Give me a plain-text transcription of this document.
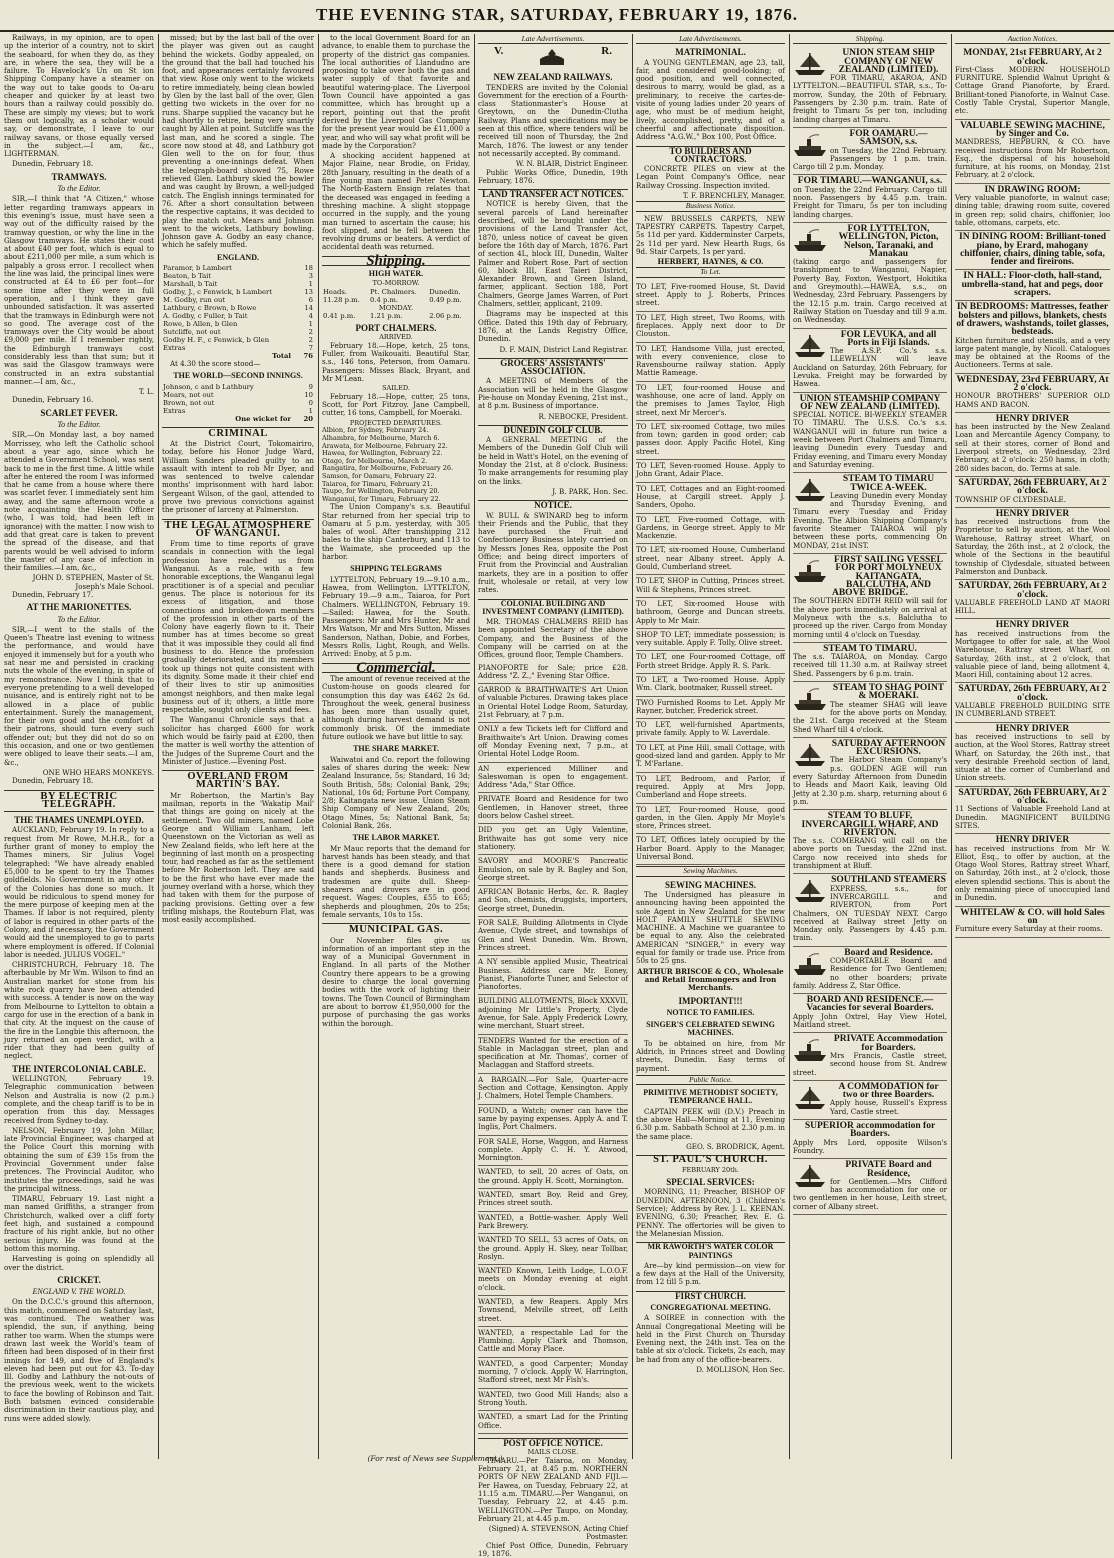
THE EVENING STAR, SATURDAY, FEBRUARY 19, 1876.

Railways, in my opinion, are to open up the interior of a country, not to skirt the seaboard, for when they do, as they are, in where the sea, they will be a failure. To Havelock's Un on St ion Shipping Company have a steamer on the way out to take goods to Oa-aru cheaper and quicker by at least two hours than a railway could possibly do. These are simply my views; but to work them out logically, as a scholar would say, or demonstrate, I leave to our railway savans, or those equally versed in the subject.—I am, &c., LIGHTERMAN.

Dunedin, February 18.

TRAMWAYS.
To the Editor.

SIR,—I think that "A Citizen," whose letter regarding tramways appears in this evening's issue, must have seen a way out of the difficulty raised by the tramway question, or why the line in the Glasgow tramways. He states their cost at about £40 per foot, which is equal to about £211,000 per mile, a sum which is palpably a gross error. I recollect when the line was laid, the principal lines were constructed at £4 to £6 per foot—for some time after they were in full operation, and I think they gave unbounded satisfaction. It was asserted that the tramways in Edinburgh were not so good. The average cost of the tramways over the City would be about £9,000 per mile. If I remember rightly, the Edinburgh tramways cost considerably less than that sum; but it was said the Glasgow tramways were constructed in an extra substantial manner.—I am, &c.,

T. L.

Dunedin, February 16.

SCARLET FEVER.
To the Editor.

SIR,—On Monday last, a boy named Morrissey, who left the Catholic school about a year ago, since which he attended a Government School, was sent back to me in the first time. A little while after he entered the room I was informed that he came from a house where there was scarlet fever. I immediately sent him away, and the same afternoon wrote a note acquainting the Health Officer (who, I was told, had been left in ignorance) with the matter. I now wish to add that great care is taken to prevent the spread of the disease, and that parents would be well advised to inform the master of any case of infection in their families.—I am, &c.,

JOHN D. STEPHEN, Master of St. Joseph's Male School.

Dunedin, February 17.

AT THE MARIONETTES.
To the Editor.

SIR,—I went to the stalls of the Queen's Theatre last evening to witness the performance, and would have enjoyed it immensely but for a youth who sat near me and persisted in cracking nuts the whole of the evening, in spite of my remonstrance. Now I think that to everyone pretending to a well developed nuisance, and is entirely right not to be allowed in a place of public entertainment. Surely the management, for their own good and the comfort of their patrons, should turn every such offender out; but they did not do so on this occasion, and one or two gentlemen were obliged to leave their seats.—I am, &c.,

ONE WHO HEARS MONKEYS.

Dunedin, February 18.

BY ELECTRIC TELEGRAPH.
THE THAMES UNEMPLOYED.

AUCKLAND, February 19. In reply to a request from Mr Rowe, M.H.R., for a further grant of money to employ the Thames miners, Sir Julius Vogel telegraphed: "We have already enabled £5,000 to be spent to try the Thames goldfields. No Government in any other of the Colonies has done so much. It would be ridiculous to spend money for the mere purpose of keeping men at the Thames. If labor is not required, plenty of labor is required in other parts of the Colony, and if necessary, the Government would aid the unemployed to go to parts where employment is offered. If Colonial labor is needed. JULIUS VOGEL."

CHRISTCHURCH, February 18. The afterbauble by Mr Wm. Wilson to find an Australian market for stone from his white rock quarry have been attended with success. A tender is now on the way from Melbourne to Lyttelton to obtain a cargo for use in the erection of a bank in that city. At the inquest on the cause of the fire in the Longbie this afternoon, the jury returned an open verdict, with a rider that they had been guilty of neglect.

THE INTERCOLONIAL CABLE.

WELLINGTON, February 19. Telegraphic communication between Nelson and Australia is now (2 p.m.) complete, and the cheap tariff is to be in operation from this day. Messages received from Sydney to-day.

NELSON, February 19. John Millar, late Provincial Engineer, was charged at the Police Court this morning with obtaining the sum of £39 15s from the Provincial Government under false pretences. The Provincial Auditor, who institutes the proceedings, said he was the principal witness.

TIMARU, February 19. Last night a man named Griffiths, a stranger from Christchurch, walked over a cliff forty feet high, and sustained a compound fracture of his right ankle, but no other serious injury. He was found at the bottom this morning.

Harvesting is going on splendidly all over the district.

CRICKET.
ENGLAND V. THE WORLD.

On the D.C.C.'s ground this afternoon, this match, commenced on Saturday last, was continued. The weather was splendid, the sun, if anything, being rather too warm. When the stumps were drawn last week the World's team of fifteen had been disposed of in their first innings for 149, and five of England's eleven had been put out for 43. To-day Ill. Godby and Lathbury the not-outs of the previous week, went to the wickets to face the bowling of Robinson and Tait. Both batsmen evinced considerable discrimination in their cautious play, and runs were added slowly.

missed; but by the last ball of the over the player was given out as caught behind the wickets. Godby appealed, on the ground that the ball had touched his foot, and appearances certainly favoured that view. Rose only went to the wickets to retire immediately, being clean bowled by Glen by the last ball of the over, Glen getting two wickets in the over for no runs. Sharpe supplied the vacancy but he had shortly to retire, being very smartly caught by Allen at point. Sutcliffe was the last man, and he scored a single. The score now stood at 48, and Lathbury got Glen well to the on for four, thus preventing a one-innings defeat. When the telegraph-board showed 75, Rowe relieved Glen. Lathbury skied the bowler and was caught by Brown, a well-judged catch. The English innings terminated for 76. After a short consultation between the respective captains, it was decided to play the match out. Mears and Johnson went to the wickets, Lathbury bowling. Johnson gave A. Godby an easy chance, which he safely muffed.

ENGLAND.
Paramor, b Lambert	18
Beaton, b Tait	3
Marshall, b Tait	1
Godby, J., c Fenwick, b Lambert	13
M. Godby, run out	6
Lathbury, c Brown, b Rowe	14
A. Godby, c Fuller, b Tait	4
Rowe, b Allen, b Glen	1
Sutcliffe, not out	2
Godby H. F., c Fenwick, b Glen	2
Extras	7
Total	76

At 4.30 the score stood—

THE WORLD—SECOND INNINGS.
Johnson, c and b Lathbury	9
Mears, not out	10
Brown, not out	0
Extras	1
One wicket for	20
CRIMINAL

At the District Court, Tokomairiro, today, before his Honor Judge Ward, William Sanders pleaded guilty to an assault with intent to rob Mr Dyer, and was sentenced to twelve calendar months' imprisonment with hard labor. Sergeant Wilson, of the gaol, attended to prove two previous convictions against the prisoner of larceny at Palmerston.

THE LEGAL ATMOSPHERE OF WANGANUI.

From time to time reports of grave scandals in connection with the legal profession have reached us from Wanganui. As a rule, with a few honorable exceptions, the Wanganui legal practitioner is of a special and peculiar genus. The place is notorious for its excess of litigation, and those connections and broken-down members of the profession in other parts of the Colony have eagerly flown to it. Their number has at times become so great that it was impossible they could all find business to do. Hence the profession gradually deteriorated, and its members took up things not quite consistent with its dignity. Some made it their chief end of their lives to stir up animosities amongst neighbors, and then make legal business out of it; others, a little more respectable, sought only clients and fees.

The Wanganui Chronicle says that a solicitor has charged £600 for work which would be fairly paid at £200, then the matter is well worthy the attention of the Judges of the Supreme Court and the Minister of Justice.—Evening Post.

OVERLAND FROM MARTIN'S BAY.

Mr Robertson, the Martin's Bay mailman, reports in the 'Wakatip Mail' that things are going on nicely at the settlement. Two old miners, named Lobe George and William Lanham, left Queenstown on the Victorian as well as New Zealand fields, who left here at the beginning of last month on a prospecting tour, had reached as far as the settlement before Mr Robertson left. They are said to be the first who have ever made the journey overland with a horse, which they had taken with them for the purpose of packing provisions. Getting over a few trifling mishaps, the Routeburn Flat, was most easily accomplished.

to the local Government Board for an advance, to enable them to purchase the property of the district gas companies. The local authorities of Llandudno are proposing to take over both the gas and water supply of that favorite and beautiful watering-place. The Liverpool Town Council have appointed a gas committee, which has brought up a report, pointing out that the profit derived by the Liverpool Gas Company for the present year would be £11,000 a year, and who will say what profit will be made by the Corporation?

A shocking accident happened at Major Flaine, near Brodie, on Friday, 28th January, resulting in the death of a fine young man named Peter Newton. The North-Eastern Ensign relates that the deceased was engaged in feeding a threshing machine. A slight stoppage occurred in the supply, and the young man turned to ascertain the cause; his foot slipped, and he fell between the revolving drums or beaters. A verdict of accidental death was returned.

Shipping.
HIGH WATER.
TO-MORROW.
Heads.	Pt. Chalmers.	Dunedin.
11.28 p.m.	0.4 p.m.	0.49 p.m.
MONDAY.		
0.41 p.m.	1.21 p.m.	2.06 p.m.
PORT CHALMERS.
ARRIVED.

February 18.—Hope, ketch, 25 tons, Fuller, from Waikouaiti. Beautiful Star, s.s., 146 tons, Peterson, from Oamaru. Passengers: Misses Black, Bryant, and Mr M'Lean.

SAILED.

February 18.—Hope, cutter, 25 tons, Scott, for Port Fitzroy. Jane Campbell, cutter, 16 tons, Campbell, for Moeraki.

PROJECTED DEPARTURES.
Albion, for Sydney, February 24.
Alhambra, for Melbourne, March 6.
Arawata, for Melbourne, February 22.
Hawea, for Wellington, February 22.
Otago, for Melbourne, March 2.
Rangatira, for Melbourne, February 26.
Samson, for Oamaru, February 22.
Taiaroa, for Timaru, February 21.
Taupo, for Wellington, February 20.
Wanganui, for Timaru, February 22.

The Union Company's s.s. Beautiful Star returned from her special trip to Oamaru at 5 p.m. yesterday, with 305 bales of wool. After transhipping 212 bales to the ship Canterbury, and 113 to the Waimate, she proceeded up the harbor.

SHIPPING TELEGRAMS

LYTTELTON, February 19.—9.10 a.m., Hawea, from Wellington. LYTTELTON, February 19.—9 a.m., Taiaroa, for Port Chalmers. WELLINGTON, February 19.—Sailed: Hawea, for the South. Passengers: Mr and Mrs Hunter, Mr and Mrs Watson, Mr and Mrs Sutton, Misses Sanderson, Nathan, Dobie, and Forbes, Messrs Rolls, Light, Rough, and Wells. Arrived: Enoby, at 5 p.m.

Commercial.

The amount of revenue received at the Custom-house on goods cleared for consumption this day was £462 2s 6d. Throughout the week, general business has been more than usually quiet, although during harvest demand is not commonly brisk. Of the immediate future outlook we have but little to say.

THE SHARE MARKET.

Waiwatoi and Co. report the following sales of shares during the week: New Zealand Insurance, 5s; Standard, 16 3d; South British, 58s; Colonial Bank, 29s; National, 10s 6d; Fortune Port Company, 2/8; Kaitangata new issue. Union Steam Ship Company of New Zealand, 20s; Otago Mines, 5s; National Bank, 5s; Colonial Bank, 26s.

THE LABOR MARKET.

Mr Mauc reports that the demand for harvest hands has been steady, and that there is a good demand for station hands and shepherds. Business and tradesmen are quite dull. Sheep-shearers and drovers are in good request. Wages: Couples, £55 to £65; shepherds and ploughmen, 20s to 25s; female servants, 10s to 15s.

MUNICIPAL GAS.

Our November files give us information of an important step in the way of a Municipal Government in England. In all parts of the Mother Country there appears to be a growing desire to charge the local governing bodies with the work of lighting their towns. The Town Council of Birmingham are about to borrow £1,950,000 for the purpose of purchasing the gas works within the borough.

Late Advertisements.
V.	R.
NEW ZEALAND RAILWAYS.

TENDERS are invited by the Colonial Government for the erection of a Fourth-class Stationmaster's House at Greytown, on the Dunedin-Clutha Railway. Plans and specifications may be seen at this office, where tenders will be received till noon of Thursday, the 2nd March, 1876. The lowest or any tender not necessarily accepted. By command.

W. N. BLAIR, District Engineer.

Public Works Office, Dunedin, 19th February, 1876.

LAND TRANSFER ACT NOTICES.

NOTICE is hereby Given, that the several parcels of Land hereinafter described, will be brought under the provisions of the Land Transfer Act, 1870, unless notice of caveat be given before the 16th day of March, 1876. Part of section 4L, block III, Dunedin, Walter Palmer and Robert Rose. Part of section 60, block III, East Taieri District, Alexander Brown, and Green Island, farmer, applicant. Section 188, Port Chalmers, George James Warren, of Port Chalmers, settler, applicant, 2109.

Diagrams may be inspected at this Office. Dated this 19th day of February, 1876, at the Lands Registry Office, Dunedin.

D. F. MAIN, District Land Registrar.
GROCERS' ASSISTANTS' ASSOCIATION.

A MEETING of Members of the Association will be held in the Glasgow Pie-house on Monday Evening, 21st inst., at 8 p.m. Business of importance.

R. NEBOCKE, President.
DUNEDIN GOLF CLUB.

A GENERAL MEETING of the Members of the Dunedin Golf Club will be held in Watt's Hotel, on the evening of Monday the 21st, at 8 o'clock. Business: To make arrangements for resuming play on the links.

J. B. PARK, Hon. Sec.
NOTICE.

W. BULL & SWINARD beg to inform their Friends and the Public, that they have purchased the Fruit and Confectionery Business lately carried on by Messrs Jones Rea, opposite the Post Office; and being direct importers of Fruit from the Provincial and Australian markets, they are in a position to offer fruit, wholesale or retail, at very low rates.

COLONIAL BUILDING AND INVESTMENT COMPANY (LIMITED).

MR. THOMAS CHALMERS REID has been appointed Secretary of the above Company, and the Business of the Company will be carried on at the Offices, ground floor, Temple Chambers.

PIANOFORTE for Sale; price £28. Address "Z. Z.," Evening Star Office.
GARROD & BRAITHWAITE'S Art Union of valuable Pictures. Drawing takes place in Oriental Hotel Lodge Room, Saturday, 21st February, at 7 p.m.
ONLY a few Tickets left for Clifford and Braithwaite's Art Union. Drawing comes off Monday Evening next, 7 p.m., at Oriental Hotel Lodge Room.
AN experienced Milliner and Saleswoman is open to engagement. Address "Ada," Star Office.
PRIVATE Board and Residence for two Gentlemen, in Hanover street, three doors below Cashel street.
DID you get an Ugly Valentine, Brithwaite has got some very nice stationery.
SAVORY and MOORE'S Pancreatic Emulsion, on sale by R. Bagley and Son, George street.
AFRICAN Botanic Herbs, &c. R. Bagley and Son, chemists, druggists, importers, George street, Dunedin.
FOR SALE, Building Allotments in Clyde Avenue, Clyde street, and townships of Glen and West Dunedin. Wm. Brown, Princes street.
A NY sensible applied Music, Theatrical Business. Address care Mr. Eoney, Pianist, Pianoforte Tuner, and Selector of Pianofortes.
BUILDING ALLOTMENTS, Block XXXVII, adjoining Mr Little's Property, Clyde Avenue, for Sale. Apply Frederick Lowry, wine merchant, Stuart street.
TENDERS Wanted for the erection of a Stable in Maclaggan street, plan and specification at Mr. Thomas', corner of Maclaggan and Stafford streets.
A BARGAIN.—For Sale, Quarter-acre Section and Cottage, Kensington. Apply J. Chalmers, Hotel Temple Chambers.
FOUND, a Watch; owner can have the same by paying expenses. Apply A. and T. Inglis, Port Chalmers.
FOR SALE, Horse, Waggon, and Harness complete. Apply C. H. Y. Atwood, Mornington.
WANTED, to sell, 20 acres of Oats, on the ground. Apply H. Scott, Mornington.
WANTED, smart Boy. Reid and Grey, Princes street south.
WANTED, a Bottle-washer. Apply Well Park Brewery.
WANTED TO SELL, 53 acres of Oats, on the ground. Apply H. Skey, near Tollbar, Roslyn.
WANTED Known, Leith Lodge, L.O.O.F. meets on Monday evening at eight o'clock.
WANTED, a few Reapers. Apply Mrs Townsend, Melville street, off Leith street.
WANTED, a respectable Lad for the Plumbing. Apply Clark and Thomson, Cattle and Moray Place.
WANTED, a good Carpenter; Monday morning, 7 o'clock. Apply W. Harrington, Stafford street, next Mr Fish's.
WANTED, two Good Mill Hands; also a Strong Youth.
WANTED, a smart Lad for the Printing Office.
POST OFFICE NOTICE.
MAILS CLOSE.

TIMARU.—Per Taiaroa, on Monday, February 21, at 8.45 p.m. NORTHERN PORTS OF NEW ZEALAND AND FIJI.—Per Hawea, on Tuesday, February 22, at 11.15 a.m. TIMARU.—Per Wanganui, on Tuesday, February 22, at 4.45 p.m. WELLINGTON.—Per Taupo, on Monday, February 21, at 4.45 p.m.

(Signed) A. STEVENSON, Acting Chief Postmaster.

Chief Post Office, Dunedin, February 19, 1876.

Late Advertisements.
MATRIMONIAL.

A YOUNG GENTLEMAN, age 23, tall, fair, and considered good-looking; of good position, and well connected, desirous to marry, would be glad, as a preliminary, to receive the cartes-de-visite of young ladies under 20 years of age, who must be of medium height, lively, accomplished, pretty, and of a cheerful and affectionate disposition. Address "A.G.W.," Box 100, Post Office.

TO BUILDERS AND CONTRACTORS.

CONCRETE PILES on view at the Legan Point Company's Office, near Railway Crossing. Inspection invited.

T. F. BRENCHLEY, Manager.
Business Notice.

NEW BRUSSELS CARPETS, NEW TAPESTRY CARPETS. Tapestry Carpet, 5s 11d per yard. Kidderminster Carpets, 2s 11d per yard. New Hearth Rugs, 6s 9d. Stair Carpets, 1s per yard.

HERBERT, HAYNES, & CO.
To Let.
TO LET, Five-roomed House, St. David street. Apply to J. Roberts, Princes street.
TO LET, High street, Two Rooms, with fireplaces. Apply next door to Dr Clouston.
TO LET, Handsome Villa, just erected, with every convenience, close to Ravensbourne railway station. Apply Mattie Rameage.
TO LET, four-roomed House and washhouse, one acre of land. Apply on the premises to James Taylor, High street, next Mr Mercer's.
TO LET, six-roomed Cottage, two miles from town; garden in good order; cab passes door. Apply Pacific Hotel, King street.
TO LET, Seven-roomed House. Apply to John Grant, Adair Place.
TO LET, Cottages and an Eight-roomed House, at Cargill street. Apply J. Sanders, Opoho.
TO LET, Five-roomed Cottage, with Gardens, in George street. Apply to Mr Mackenzie.
TO LET, six-roomed House, Cumberland street, near Albany street. Apply A. Gould, Cumberland street.
TO LET, SHOP in Cutting, Princes street. Will & Stephens, Princes street.
TO LET, Six-roomed House with bathroom, George and Duncan streets. Apply to Mr Mair.
SHOP TO LET; immediate possession; is very suitable. Apply F. Tolly, Olive street.
TO LET, one Four-roomed Cottage, off Forth street Bridge. Apply R. S. Park.
TO LET, a Two-roomed House. Apply Wm. Clark, bootmaker, Russell street.
TWO Furnished Rooms to Let. Apply Mr Rayner, butcher, Frederick street.
TO LET, well-furnished Apartments, private family. Apply to W. Laverdale.
TO LET, at Pine Hill, small Cottage, with good-sized land and garden. Apply to Mr T. M'Farlane.
TO LET, Bedroom, and Parlor, if required. Apply at Mrs Jopp, Cumberland and Hope streets.
TO LET, Four-roomed House, good garden, in the Glen. Apply Mr Moyle's store, Princes street.
TO LET, Offices lately occupied by the Harbor Board. Apply to the Manager, Universal Bond.
Sewing Machines.
SEWING MACHINES.

The Undersigned has pleasure in announcing having been appointed the sole Agent in New Zealand for the new HOLT FAMILY SHUTTLE SEWING MACHINE. A Machine we guarantee to be equal to any. Also the celebrated AMERICAN "SINGER," in every way equal for family or trade use. Price from 50s to 25 gns.

ARTHUR BRISCOE & CO., Wholesale and Retail Ironmongers and Iron Merchants.
IMPORTANT!!!
NOTICE TO FAMILIES.
SINGER'S CELEBRATED SEWING MACHINES.

To be obtained on hire, from Mr Aldrich, in Princes street and Dowling streets, Dunedin. Easy terms of payment.

Public Notice.
PRIMITIVE METHODIST SOCIETY, TEMPERANCE HALL.

CAPTAIN PEEK will (D.V.) Preach in the above Hall—Morning at 11, Evening 6.30 p.m. Sabbath School at 2.30 p.m. in the same place.

GEO. S. BRODRICK, Agent.
ST. PAUL'S CHURCH.
FEBRUARY 20th.
SPECIAL SERVICES:

MORNING, 11; Preacher, BISHOP OF DUNEDIN. AFTERNOON, 3 (Children's Service); Address by Rev. J. L. KEENAN. EVENING, 6.30; Preacher, Rev. E. G. PENNY. The offertories will be given to the Melanesian Mission.

MR RAWORTH'S WATER COLOR PAINTINGS

Are—by kind permission—on view for a few days at the Hall of the University, from 12 till 5 p.m.

FIRST CHURCH.
CONGREGATIONAL MEETING.

A SOIREE in connection with the Annual Congregational Meeting will be held in the First Church on Thursday Evening next, the 24th inst. Tea on the table at six o'clock. Tickets, 2s each, may be had from any of the office-bearers.

D. MOLLISON, Hon Sec.
Shipping.
UNION STEAM SHIP COMPANY OF NEW ZEALAND (LIMITED).
FOR TIMARU, AKAROA, AND LYTTELTON.—BEAUTIFUL STAR, s.s., To-morrow, Sunday, the 20th of February. Passengers by 2.30 p.m. train. Rate of freight to Timaru 5s per ton, including landing charges at Timaru.
FOR OAMARU.—SAMSON, s.s.
on Tuesday, the 22nd February. Passengers by 1 p.m. train. Cargo till 2 p.m. Monday.
FOR TIMARU.—WANGANUI, s.s.
on Tuesday, the 22nd February. Cargo till noon. Passengers by 4.45 p.m. train. Freight for Timaru, 5s per ton including landing charges.
FOR LYTTELTON, WELLINGTON, Picton, Nelson, Taranaki, and Manakau
(taking cargo and passengers for transhipment to Wanganui, Napier, Poverty Bay, Foxton, Westport, Hokitika and Greymouth).—HAWEA, s.s., on Wednesday, 23rd February. Passengers by the 12.15 p.m. train. Cargo received at Railway Station on Tuesday and till 9 a.m. on Wednesday.
FOR LEVUKA, and all Ports in Fiji Islands.
The A.S.P. Co.'s s.s. LLEWELLYN will leave Auckland on Saturday, 26th February, for Levuka. Freight may be forwarded by Hawea.
UNION STEAMSHIP COMPANY OF NEW ZEALAND (LIMITED).
SPECIAL NOTICE. BI-WEEKLY STEAMER TO TIMARU. The U.S.S. Co.'s s.s. WANGANUI will in future run twice a week between Port Chalmers and Timaru, leaving Dunedin every Tuesday and Friday evening, and Timaru every Monday and Saturday evening.
STEAM TO TIMARU TWICE A-WEEK.
Leaving Dunedin every Monday and Thursday Evening, and Timaru every Tuesday and Friday Evening. The Albion Shipping Company's favorite Steamer TAIAROA will ply between these ports, commencing On MONDAY, 21st INST.
FIRST SAILING VESSEL FOR PORT MOLYNEUX KAITANGATA, BALCLUTHA, AND ABOVE BRIDGE.
The SOUTHERN EDITH REID will sail for the above ports immediately on arrival at Molyneux with the s.s. Balclutha to proceed up the river. Cargo from Monday morning until 4 o'clock on Tuesday.
STEAM TO TIMARU.
The s.s. TAIAROA, on Monday. Cargo received till 11.30 a.m. at Railway street Shed. Passengers by 6 p.m. train.
STEAM TO SHAG POINT & MOERAKI.
The steamer SHAG will leave for the above ports on Monday, the 21st. Cargo received at the Steam Shed Wharf till 4 o'clock.
SATURDAY AFTERNOON EXCURSIONS.
The Harbor Steam Company's p.s. GOLDEN AGE will run every Saturday Afternoon from Dunedin to Heads and Maori Kaik, leaving Old Jetty at 2.30 p.m. sharp, returning about 6 p.m.
STEAM TO BLUFF, INVERCARGILL WHARF, AND RIVERTON.
The s.s. COMERANG will call on the above ports on Tuesday, the 22nd inst. Cargo now received into sheds for transhipment at Bluff.
SOUTHLAND STEAMERS
EXPRESS, s.s., for INVERCARGILL and RIVERTON, from Port Chalmers, ON TUESDAY NEXT. Cargo received at Railway street Jetty on Monday only. Passengers by 4.45 p.m. train.
Board and Residence.
COMFORTABLE Board and Residence for Two Gentlemen; no other boarders; private family. Address Z, Star Office.
BOARD AND RESIDENCE.—Vacancies for several Boarders.
Apply John Oxtrel, Hay View Hotel, Maitland street.
PRIVATE Accommodation for Boarders.
Mrs Francis, Castle street, second house from St. Andrew street.
A COMMODATION for two or three Boarders.
Apply house, Russell's Express Yard, Castle street.
SUPERIOR accommodation for Boarders.
Apply Mrs Lord, opposite Wilson's Foundry.
PRIVATE Board and Residence,
for Gentlemen.—Mrs Clifford has accommodation for one or two gentlemen in her house, Leith street, corner of Albany street.
Auction Notices.
MONDAY, 21st FEBRUARY, At 2 o'clock.
First-Class MODERN HOUSEHOLD FURNITURE. Splendid Walnut Upright & Cottage Grand Pianoforte, by Erard. Brilliant-toned Pianoforte, in Walnut Case. Costly Table Crystal, Superior Mangle, etc.
VALUABLE SEWING MACHINE, by Singer and Co.
MANDRESS, HEPBURN, & CO. have received instructions from Mr Robertson, Esq., the dispersal of his household furniture, at his rooms, on Monday, 21st February, at 2 o'clock.
IN DRAWING ROOM:
Very valuable pianoforte, in walnut case; dining table; drawing room suite, covered in green rep; solid chairs, chiffonier, loo table, ottomans, carpets, etc.
IN DINING ROOM: Brilliant-toned piano, by Erard, mahogany chiffonier, chairs, dining table, sofa, fender and fireirons.
IN HALL: Floor-cloth, hall-stand, umbrella-stand, hat and pegs, door scrapers.
IN BEDROOMS: Mattresses, feather bolsters and pillows, blankets, chests of drawers, washstands, toilet glasses, bedsteads.
Kitchen furniture and utensils, and a very large patent mangle, by Nicoll. Catalogues may be obtained at the Rooms of the Auctioneers. Terms at sale.
WEDNESDAY, 23rd FEBRUARY, At 2 o'clock.
HONOUR BROTHERS' SUPERIOR OLD HAMS AND BACON.
HENRY DRIVER
has been instructed by the New Zealand Loan and Mercantile Agency Company, to sell at their stores, corner of Bond and Liverpool streets, on Wednesday, 23rd February, at 2 o'clock: 250 hams, in cloth; 280 sides bacon, do. Terms at sale.
SATURDAY, 26th FEBRUARY, At 2 o'clock.
TOWNSHIP OF CLYDESDALE.
HENRY DRIVER
has received instructions from the Proprietor to sell by auction, at the Wool Warehouse, Rattray street Wharf, on Saturday, the 26th inst., at 2 o'clock, the whole of the Sections in the beautiful township of Clydesdale, situated between Palmerston and Dunback.
SATURDAY, 26th FEBRUARY, At 2 o'clock.
VALUABLE FREEHOLD LAND AT MAORI HILL.
HENRY DRIVER
has received instructions from the Mortgagee to offer for sale, at the Wool Warehouse, Rattray street Wharf, on Saturday, 26th inst., at 2 o'clock, that valuable piece of land, being allotment 4, Maori Hill, containing about 12 acres.
SATURDAY, 26th FEBRUARY, At 2 o'clock.
VALUABLE FREEHOLD BUILDING SITE IN CUMBERLAND STREET.
HENRY DRIVER
has received instructions to sell by auction, at the Wool Stores, Rattray street Wharf, on Saturday, the 26th inst., that very desirable Freehold section of land, situate at the corner of Cumberland and Union streets.
SATURDAY, 26th FEBRUARY, At 2 o'clock.
11 Sections of Valuable Freehold Land at Dunedin. MAGNIFICENT BUILDING SITES.
HENRY DRIVER
has received instructions from Mr W. Elliot, Esq., to offer by auction, at the Otago Wool Stores, Rattray street Wharf, on Saturday, 26th inst., at 2 o'clock, those eleven splendid sections. This is about the only remaining piece of unoccupied land in Dunedin.
WHITELAW & CO. will hold Sales on
Furniture every Saturday at their rooms.
(For rest of News see Supplement.)
